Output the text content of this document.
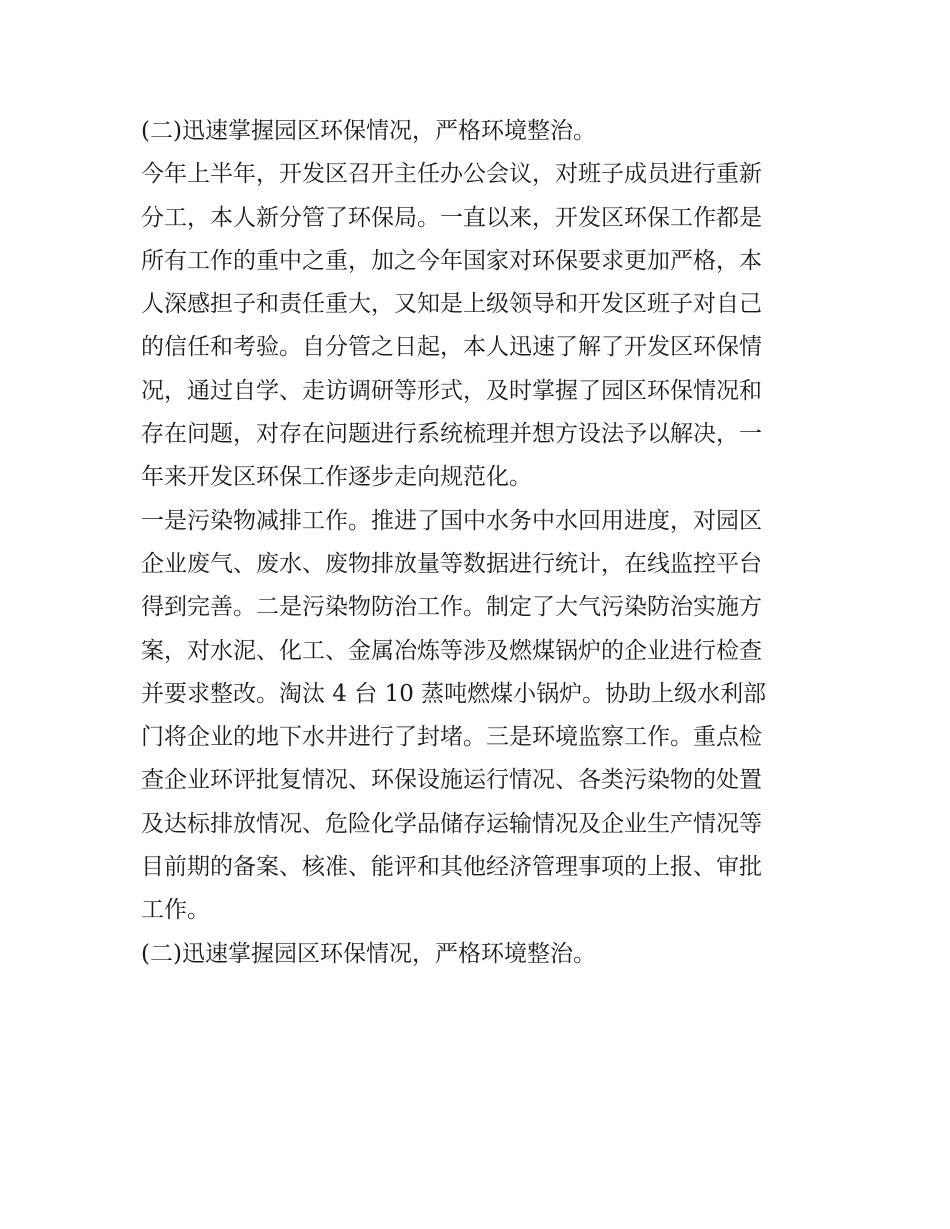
(二)迅速掌握园区环保情况，严格环境整治。
今年上半年，开发区召开主任办公会议，对班子成员进行重新
分工，本人新分管了环保局。一直以来，开发区环保工作都是
所有工作的重中之重，加之今年国家对环保要求更加严格，本
人深感担子和责任重大，又知是上级领导和开发区班子对自己
的信任和考验。自分管之日起，本人迅速了解了开发区环保情
况，通过自学、走访调研等形式，及时掌握了园区环保情况和
存在问题，对存在问题进行系统梳理并想方设法予以解决，一
年来开发区环保工作逐步走向规范化。
一是污染物减排工作。推进了国中水务中水回用进度，对园区
企业废气、废水、废物排放量等数据进行统计，在线监控平台
得到完善。二是污染物防治工作。制定了大气污染防治实施方
案，对水泥、化工、金属冶炼等涉及燃煤锅炉的企业进行检查
并要求整改。淘汰 4 台 10 蒸吨燃煤小锅炉。协助上级水利部
门将企业的地下水井进行了封堵。三是环境监察工作。重点检
查企业环评批复情况、环保设施运行情况、各类污染物的处置
及达标排放情况、危险化学品储存运输情况及企业生产情况等
目前期的备案、核准、能评和其他经济管理事项的上报、审批
工作。
(二)迅速掌握园区环保情况，严格环境整治。
